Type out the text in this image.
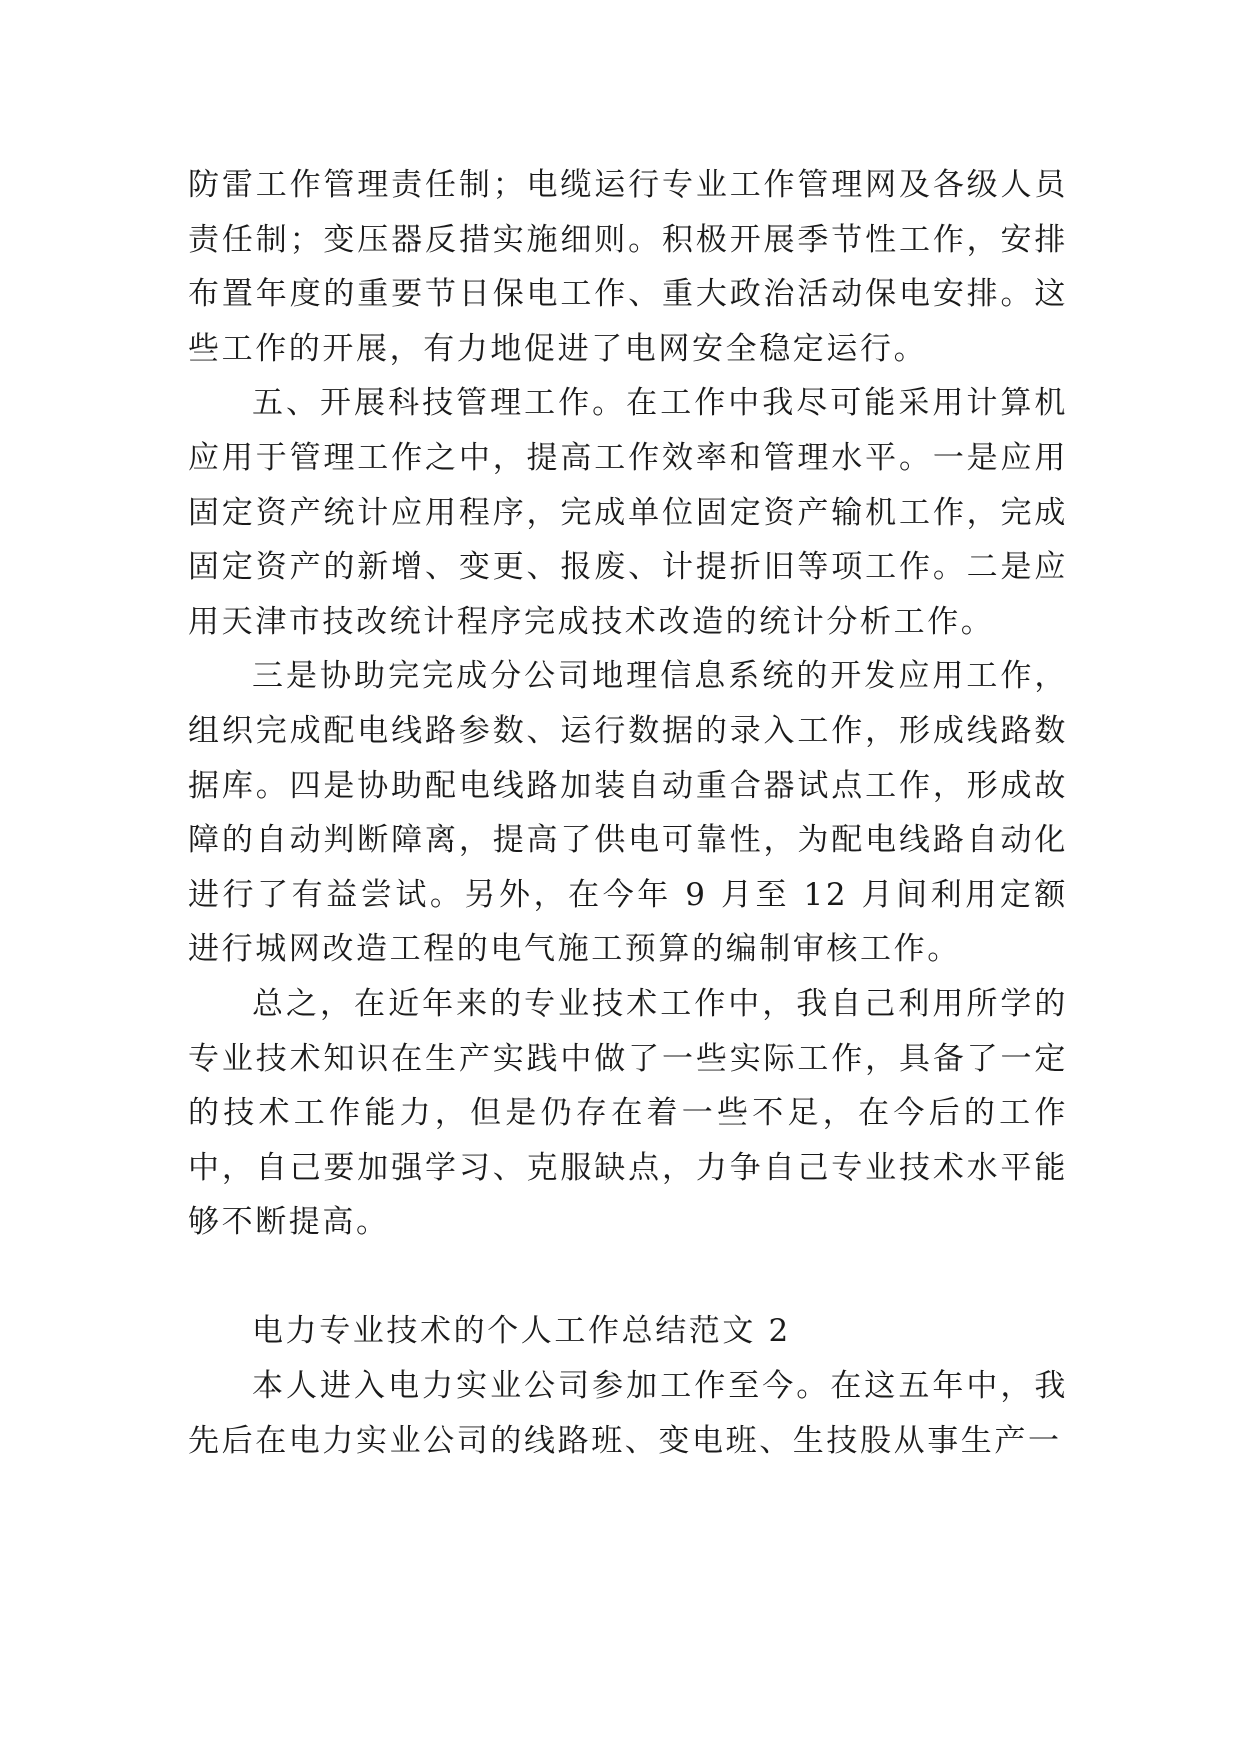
防雷工作管理责任制；电缆运行专业工作管理网及各级人员责任制；变压器反措实施细则。积极开展季节性工作，安排布置年度的重要节日保电工作、重大政治活动保电安排。这些工作的开展，有力地促进了电网安全稳定运行。

五、开展科技管理工作。在工作中我尽可能采用计算机应用于管理工作之中，提高工作效率和管理水平。一是应用固定资产统计应用程序，完成单位固定资产输机工作，完成固定资产的新增、变更、报废、计提折旧等项工作。二是应用天津市技改统计程序完成技术改造的统计分析工作。

三是协助完完成分公司地理信息系统的开发应用工作，组织完成配电线路参数、运行数据的录入工作，形成线路数据库。四是协助配电线路加装自动重合器试点工作，形成故障的自动判断障离，提高了供电可靠性，为配电线路自动化进行了有益尝试。另外，在今年 9 月至 12 月间利用定额进行城网改造工程的电气施工预算的编制审核工作。

总之，在近年来的专业技术工作中，我自己利用所学的专业技术知识在生产实践中做了一些实际工作，具备了一定的技术工作能力，但是仍存在着一些不足，在今后的工作中，自己要加强学习、克服缺点，力争自己专业技术水平能够不断提高。

电力专业技术的个人工作总结范文 2

本人进入电力实业公司参加工作至今。在这五年中，我先后在电力实业公司的线路班、变电班、生技股从事生产一
